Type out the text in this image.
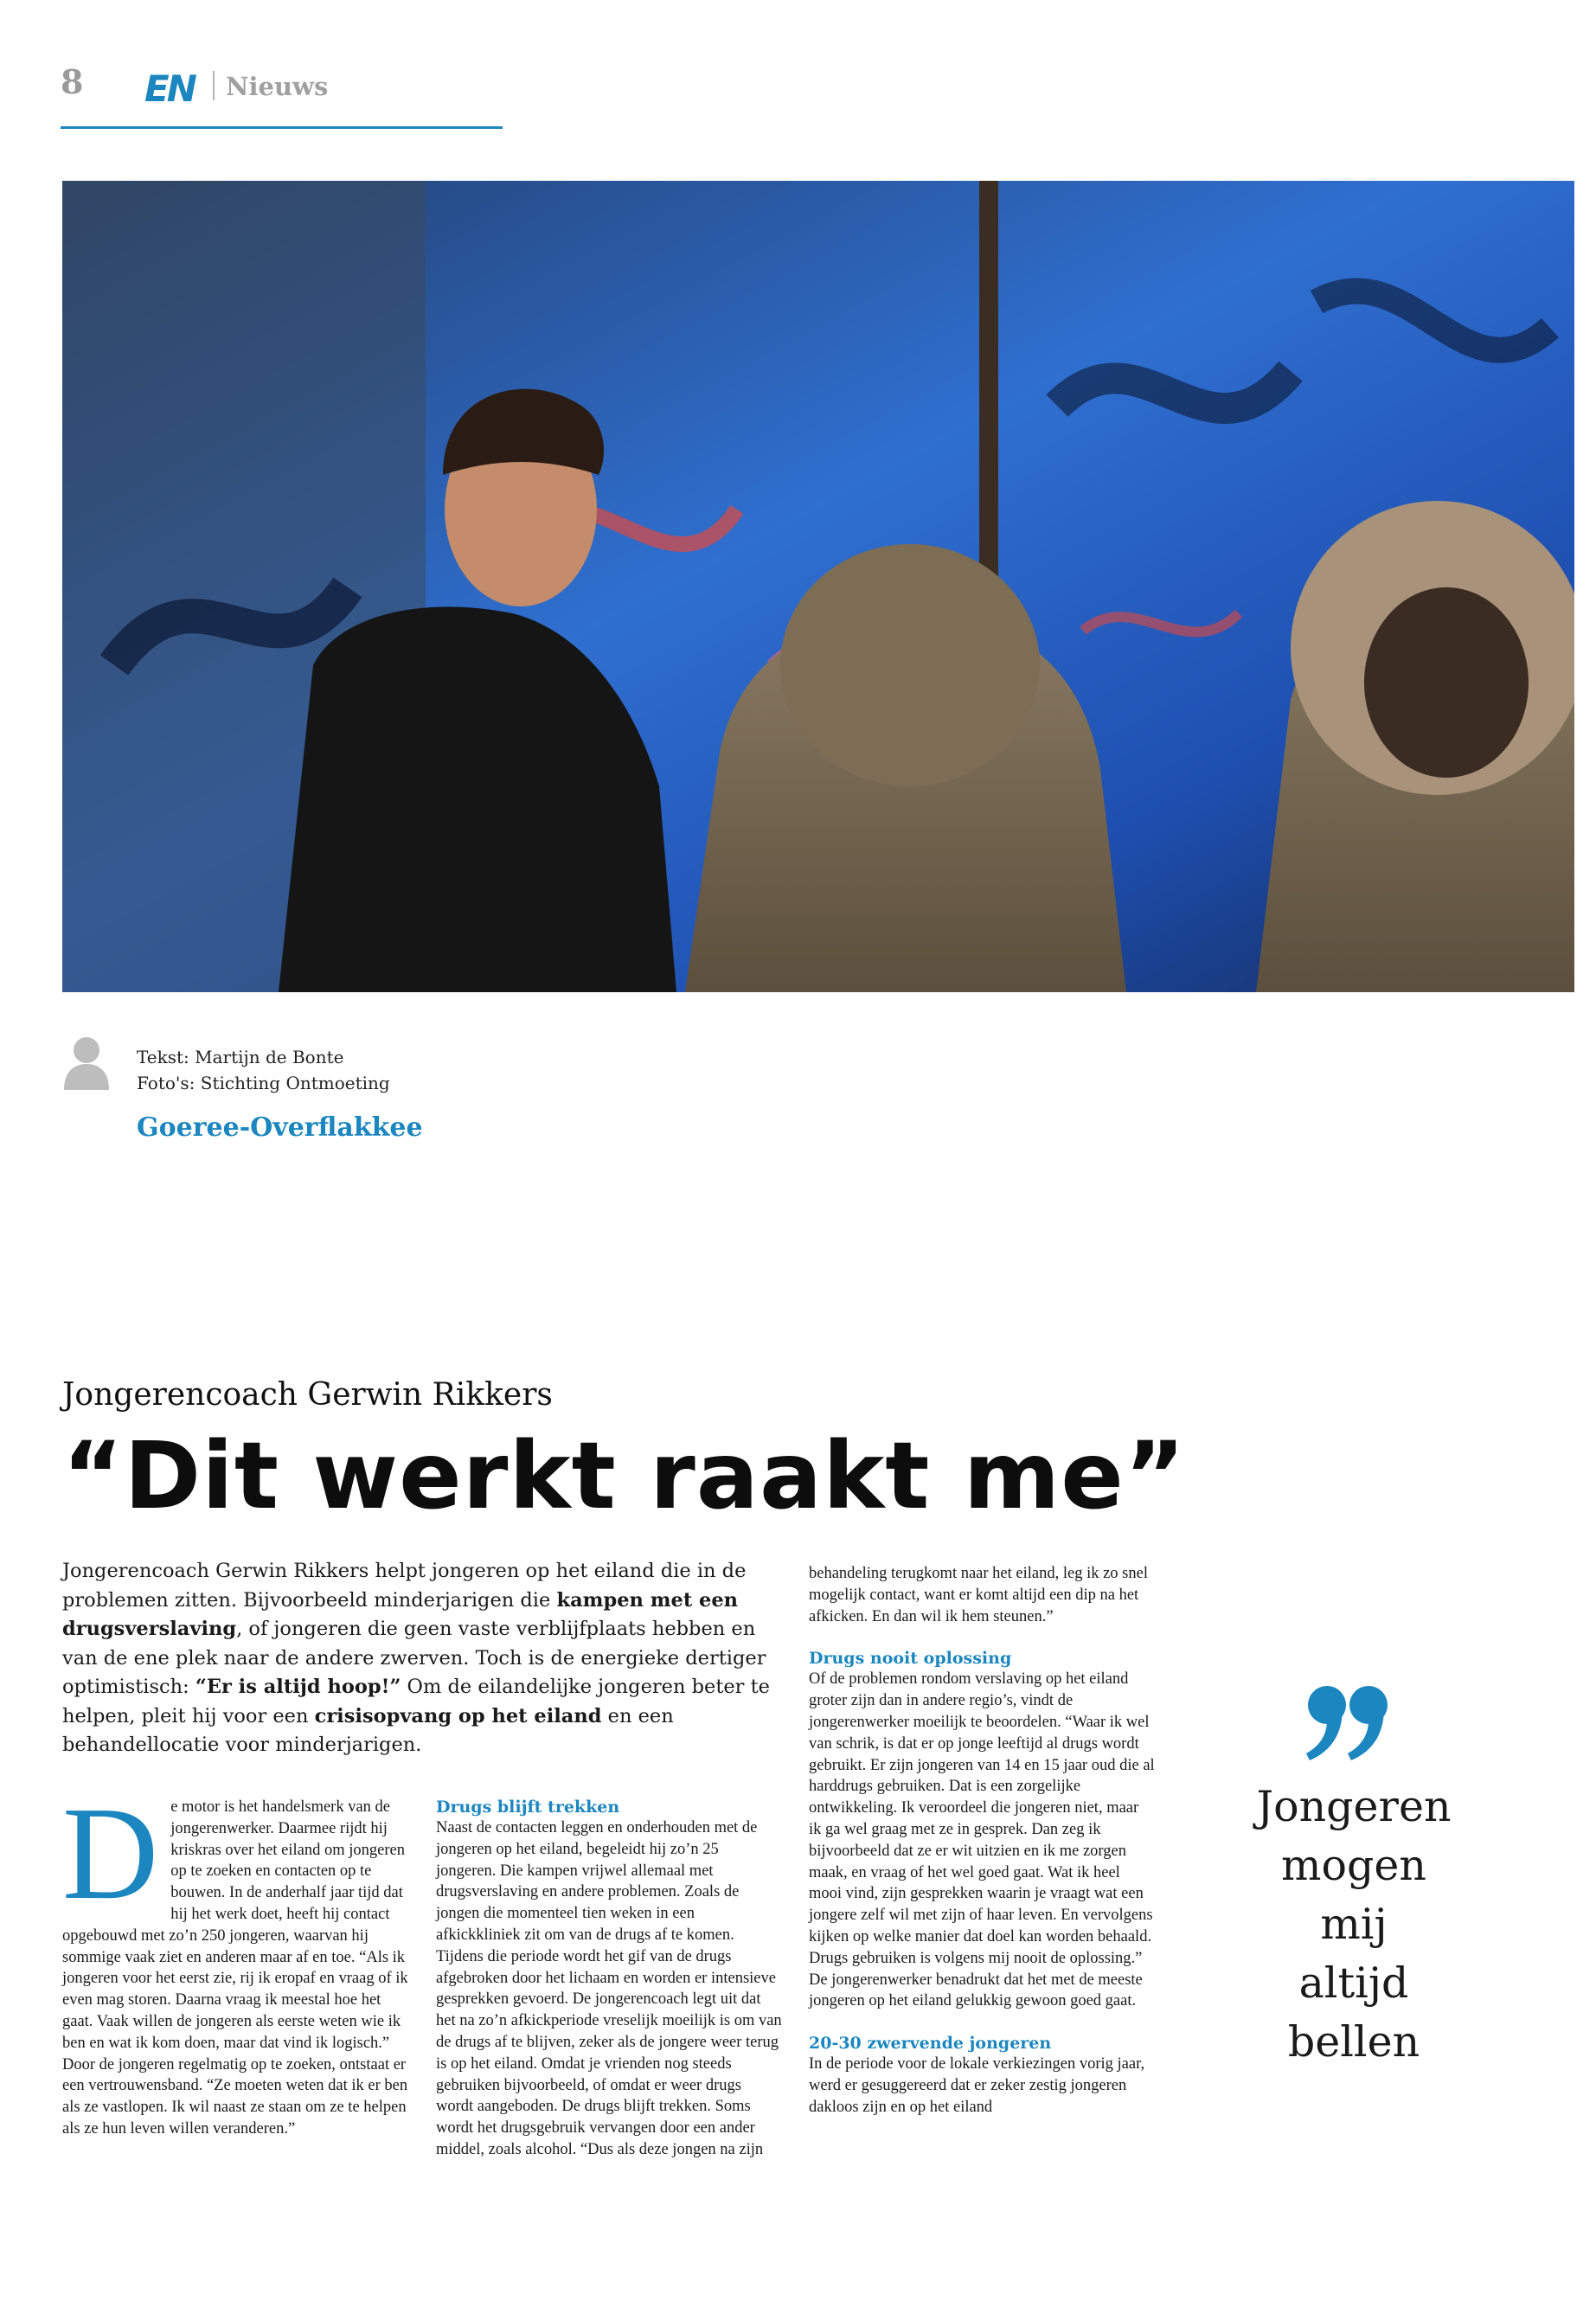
8 EN Nieuws
Tekst: Martijn de Bonte
Foto's: Stichting Ontmoeting
Goeree-Overflakkee
Jongerencoach Gerwin Rikkers
“Dit werkt raakt me”
Jongerencoach Gerwin Rikkers helpt jongeren op het eiland die in de problemen zitten. Bijvoorbeeld minderjarigen die kampen met een drugsverslaving, of jongeren die geen vaste verblijfplaats hebben en van de ene plek naar de andere zwerven. Toch is de energieke dertiger optimistisch: “Er is altijd hoop!” Om de eilandelijke jongeren beter te helpen, pleit hij voor een crisisopvang op het eiland en een behandellocatie voor minderjarigen.
D e motor is het handelsmerk van de jongerenwerker. Daarmee rijdt hij kriskras over het eiland om jongeren op te zoeken en contacten op te bouwen. In de anderhalf jaar tijd dat hij het werk doet, heeft hij contact opgebouwd met zo’n 250 jongeren, waarvan hij sommige vaak ziet en anderen maar af en toe. “Als ik jongeren voor het eerst zie, rij ik eropaf en vraag of ik even mag storen. Daarna vraag ik meestal hoe het gaat. Vaak willen de jongeren als eerste weten wie ik ben en wat ik kom doen, maar dat vind ik logisch.” Door de jongeren regelmatig op te zoeken, ontstaat er een vertrouwensband. “Ze moeten weten dat ik er ben als ze vastlopen. Ik wil naast ze staan om ze te helpen als ze hun leven willen veranderen.”

Drugs blijft trekken

Naast de contacten leggen en onderhouden met de jongeren op het eiland, begeleidt hij zo’n 25 jongeren. Die kampen vrijwel allemaal met drugsverslaving en andere problemen. Zoals de jongen die momenteel tien weken in een afkickkliniek zit om van de drugs af te komen. Tijdens die periode wordt het gif van de drugs afgebroken door het lichaam en worden er intensieve gesprekken gevoerd. De jongerencoach legt uit dat het na zo’n afkickperiode vreselijk moeilijk is om van de drugs af te blijven, zeker als de jongere weer terug is op het eiland. Omdat je vrienden nog steeds gebruiken bijvoorbeeld, of omdat er weer drugs wordt aangeboden. De drugs blijft trekken. Soms wordt het drugsgebruik vervangen door een ander middel, zoals alcohol. “Dus als deze jongen na zijn

behandeling terugkomt naar het eiland, leg ik zo snel mogelijk contact, want er komt altijd een dip na het afkicken. En dan wil ik hem steunen.”

Drugs nooit oplossing

Of de problemen rondom verslaving op het eiland groter zijn dan in andere regio’s, vindt de jongerenwerker moeilijk te beoordelen. “Waar ik wel van schrik, is dat er op jonge leeftijd al drugs wordt gebruikt. Er zijn jongeren van 14 en 15 jaar oud die al harddrugs gebruiken. Dat is een zorgelijke ontwikkeling. Ik veroordeel die jongeren niet, maar ik ga wel graag met ze in gesprek. Dan zeg ik bijvoorbeeld dat ze er wit uitzien en ik me zorgen maak, en vraag of het wel goed gaat. Wat ik heel mooi vind, zijn gesprekken waarin je vraagt wat een jongere zelf wil met zijn of haar leven. En vervolgens kijken op welke manier dat doel kan worden behaald. Drugs gebruiken is volgens mij nooit de oplossing.” De jongerenwerker benadrukt dat het met de meeste jongeren op het eiland gelukkig gewoon goed gaat.

20-30 zwervende jongeren

In de periode voor de lokale verkiezingen vorig jaar, werd er gesuggereerd dat er zeker zestig jongeren dakloos zijn en op het eiland

Jongeren
mogen
mij
altijd
bellen
